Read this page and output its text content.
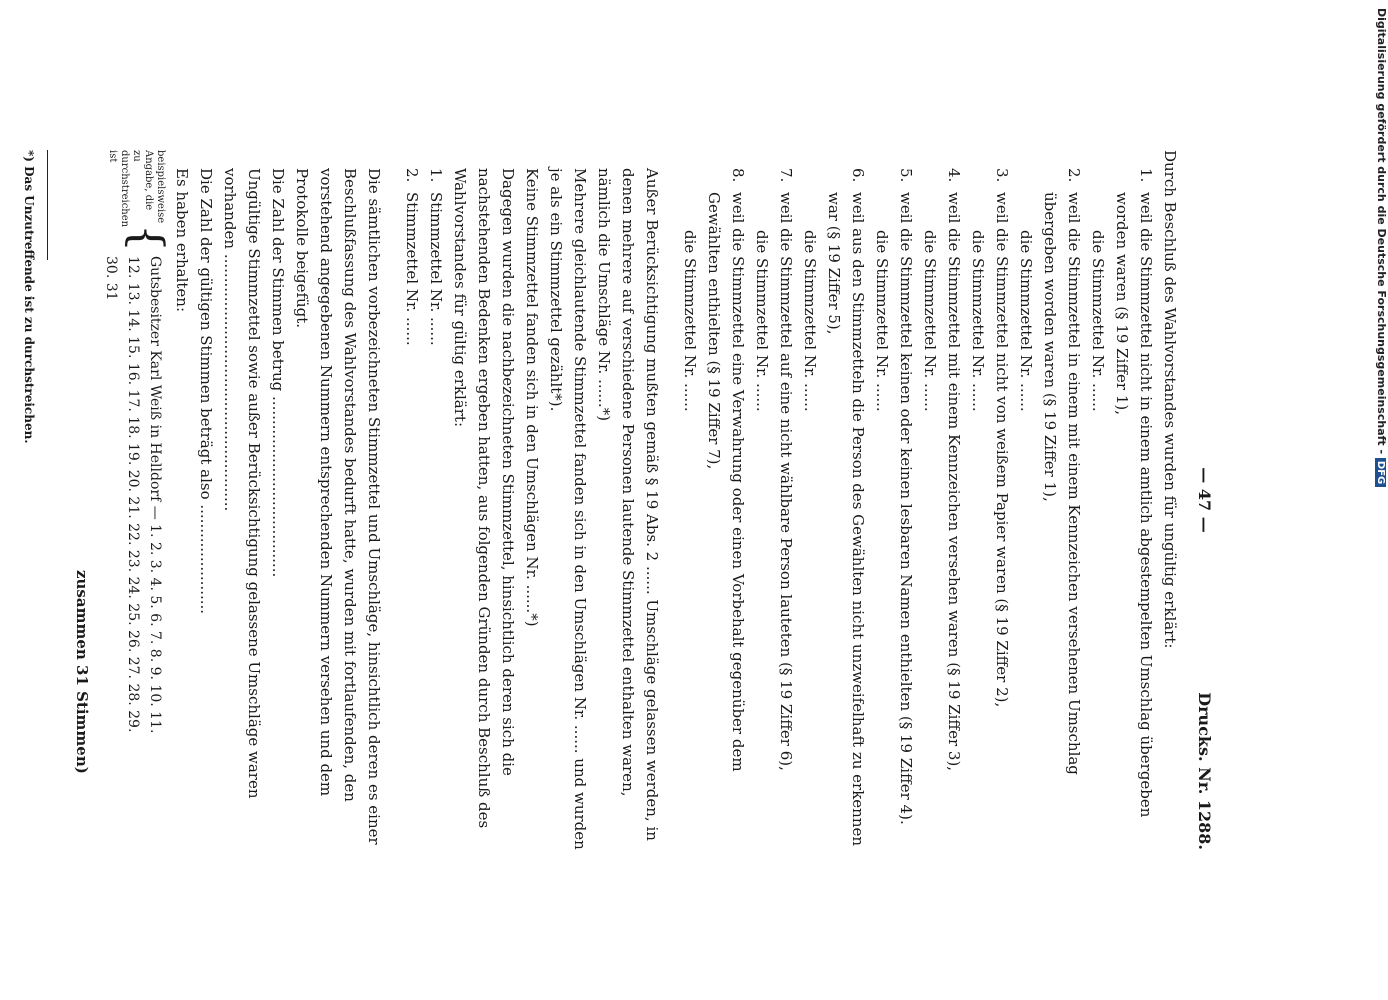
— 47 —
Drucks. Nr. 1288.

Durch Beschluß des Wahlvorstandes wurden für ungültig erklärt:

1.
weil die Stimmzettel nicht in einem amtlich abgestempelten Umschlag übergeben worden waren (§ 19 Ziffer 1),

die Stimmzettel Nr. ......

2.
weil die Stimmzettel in einem mit einem Kennzeichen versehenen Umschlag übergeben worden waren (§ 19 Ziffer 1),

die Stimmzettel Nr. ......

3.
weil die Stimmzettel nicht von weißem Papier waren (§ 19 Ziffer 2),

die Stimmzettel Nr. ......

4.
weil die Stimmzettel mit einem Kennzeichen versehen waren (§ 19 Ziffer 3),

die Stimmzettel Nr. ......

5.
weil die Stimmzettel keinen oder keinen lesbaren Namen enthielten (§ 19 Ziffer 4).

die Stimmzettel Nr. ......

6.
weil aus den Stimmzetteln die Person des Gewählten nicht unzweifelhaft zu erkennen war (§ 19 Ziffer 5),

die Stimmzettel Nr. ......

7.
weil die Stimmzettel auf eine nicht wählbare Person lauteten (§ 19 Ziffer 6),

die Stimmzettel Nr. ......

8.
weil die Stimmzettel eine Verwahrung oder einen Vorbehalt gegenüber dem Gewählten enthielten (§ 19 Ziffer 7),

die Stimmzettel Nr. ......

Außer Berücksichtigung mußten gemäß § 19 Abs. 2 ...... Umschläge gelassen werden, in denen mehrere auf verschiedene Personen lautende Stimmzettel enthalten waren, nämlich die Umschläge Nr. ......*)

Mehrere gleichlautende Stimmzettel fanden sich in den Umschlägen Nr. ...... und wurden je als ein Stimmzettel gezählt*).

Keine Stimmzettel fanden sich in den Umschlägen Nr. ......*)

Dagegen wurden die nachbezeichneten Stimmzettel, hinsichtlich deren sich die nachstehenden Bedenken ergeben hatten, aus folgenden Gründen durch Beschluß des Wahlvorstandes für gültig erklärt:

1.
Stimmzettel Nr. ......
2.
Stimmzettel Nr. ......

Die sämtlichen vorbezeichneten Stimmzettel und Umschläge, hinsichtlich deren es einer Beschlußfassung des Wahlvorstandes bedurft hatte, wurden mit fortlaufenden, den vorstehend angegebenen Nummern entsprechenden Nummern versehen und dem Protokolle beigefügt.

Die Zahl der Stimmen betrug ......................................

Ungültige Stimmzettel sowie außer Berücksichtigung gelassene Umschläge waren vorhanden ......................................................

Die Zahl der gültigen Stimmen beträgt also .......................

Es haben erhalten:

beispielsweise Angabe, die zu durchstreichen ist
{

Gutsbesitzer Karl Weiß in Helldorf — 1. 2. 3. 4. 5. 6. 7. 8. 9. 10. 11.

12. 13. 14. 15. 16. 17. 18. 19. 20. 21. 22. 23. 24. 25. 26. 27. 28. 29.

30. 31

zusammen 31 Stimmen)

*) Das Unzutreffende ist zu durchstreichen.	Digitalisierung gefördert durch die Deutsche Forschungsgemeinschaft - DFG
